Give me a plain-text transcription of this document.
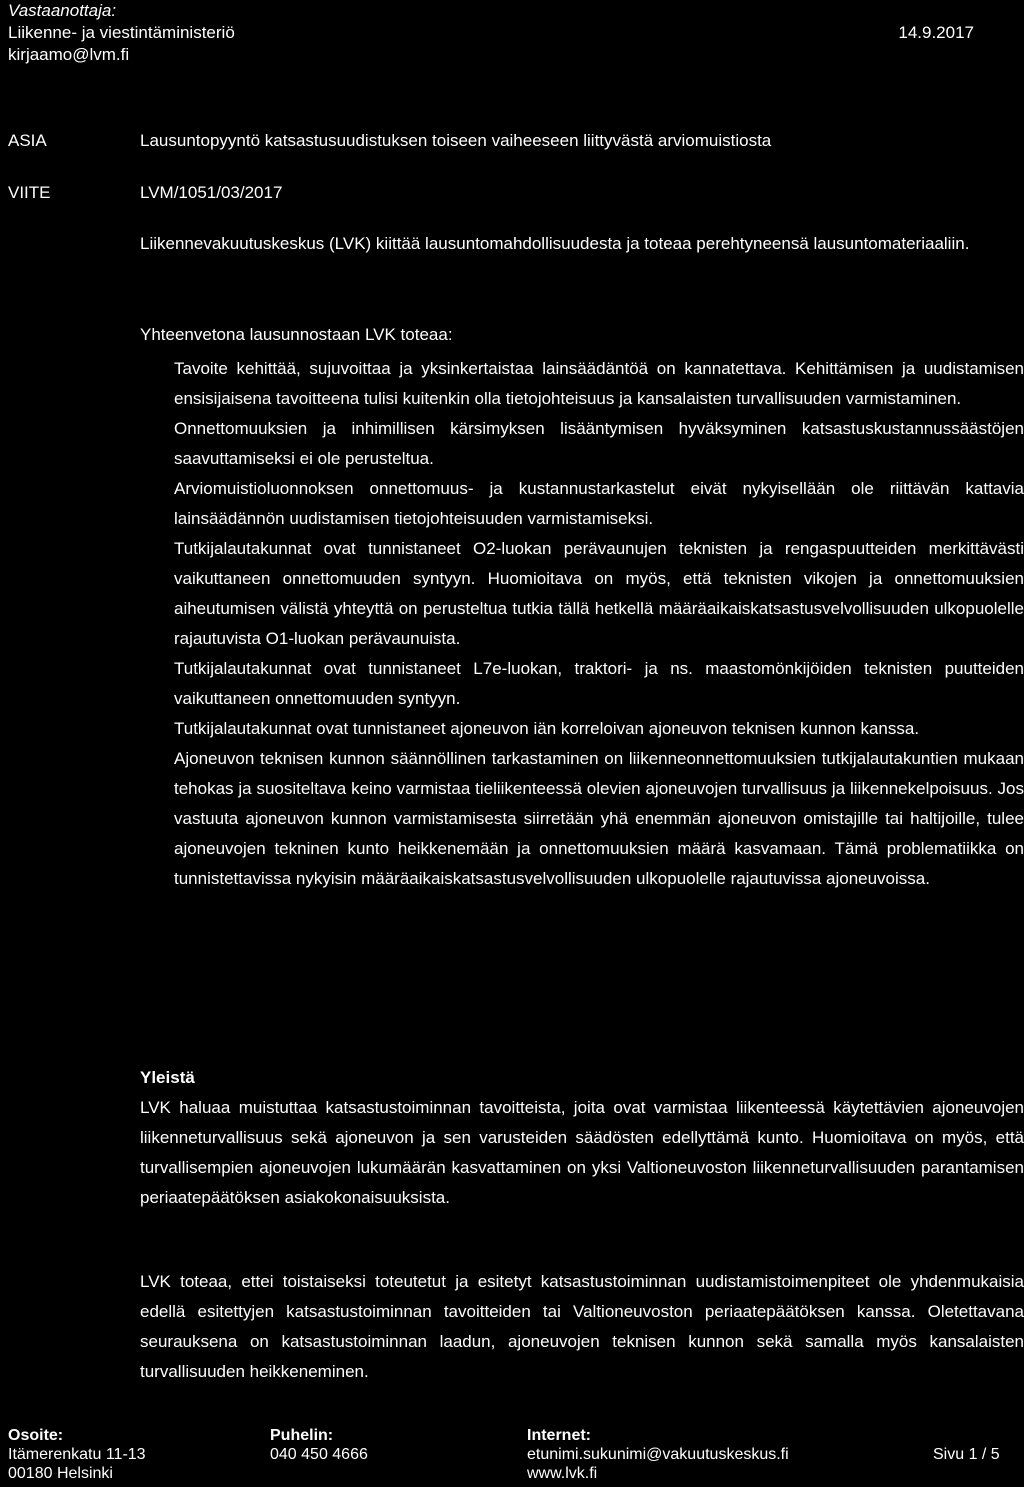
Vastaanottaja:
Liikenne- ja viestintäministeriö
kirjaamo@lvm.fi
14.9.2017
ASIA	Lausuntopyyntö katsastusuudistuksen toiseen vaiheeseen liittyvästä arviomuistiosta
VIITE	LVM/1051/03/2017
Liikennevakuutuskeskus (LVK) kiittää lausuntomahdollisuudesta ja toteaa perehtyneensä lausuntomateriaaliin.
Yhteenvetona lausunnostaan LVK toteaa:

Tavoite kehittää, sujuvoittaa ja yksinkertaistaa lainsäädäntöä on kannatettava. Kehittämisen ja uudistamisen ensisijaisena tavoitteena tulisi kuitenkin olla tietojohteisuus ja kansalaisten turvallisuuden varmistaminen.

Onnettomuuksien ja inhimillisen kärsimyksen lisääntymisen hyväksyminen katsastuskustannussäästöjen saavuttamiseksi ei ole perusteltua.

Arviomuistioluonnoksen onnettomuus- ja kustannustarkastelut eivät nykyisellään ole riittävän kattavia lainsäädännön uudistamisen tietojohteisuuden varmistamiseksi.

Tutkijalautakunnat ovat tunnistaneet O2-luokan perävaunujen teknisten ja rengaspuutteiden merkittävästi vaikuttaneen onnettomuuden syntyyn. Huomioitava on myös, että teknisten vikojen ja onnettomuuksien aiheutumisen välistä yhteyttä on perusteltua tutkia tällä hetkellä määräaikaiskatsastusvelvollisuuden ulkopuolelle rajautuvista O1-luokan perävaunuista.

Tutkijalautakunnat ovat tunnistaneet L7e-luokan, traktori- ja ns. maastomönkijöiden teknisten puutteiden vaikuttaneen onnettomuuden syntyyn.

Tutkijalautakunnat ovat tunnistaneet ajoneuvon iän korreloivan ajoneuvon teknisen kunnon kanssa.

Ajoneuvon teknisen kunnon säännöllinen tarkastaminen on liikenneonnettomuuksien tutkijalautakuntien mukaan tehokas ja suositeltava keino varmistaa tieliikenteessä olevien ajoneuvojen turvallisuus ja liikennekelpoisuus. Jos vastuuta ajoneuvon kunnon varmistamisesta siirretään yhä enemmän ajoneuvon omistajille tai haltijoille, tulee ajoneuvojen tekninen kunto heikkenemään ja onnettomuuksien määrä kasvamaan. Tämä problematiikka on tunnistettavissa nykyisin määräaikaiskatsastusvelvollisuuden ulkopuolelle rajautuvissa ajoneuvoissa.

Yleistä

LVK haluaa muistuttaa katsastustoiminnan tavoitteista, joita ovat varmistaa liikenteessä käytettävien ajoneuvojen liikenneturvallisuus sekä ajoneuvon ja sen varusteiden säädösten edellyttämä kunto. Huomioitava on myös, että turvallisempien ajoneuvojen lukumäärän kasvattaminen on yksi Valtioneuvoston liikenneturvallisuuden parantamisen periaatepäätöksen asiakokonaisuuksista.

LVK toteaa, ettei toistaiseksi toteutetut ja esitetyt katsastustoiminnan uudistamistoimenpiteet ole yhdenmukaisia edellä esitettyjen katsastustoiminnan tavoitteiden tai Valtioneuvoston periaatepäätöksen kanssa. Oletettavana seurauksena on katsastustoiminnan laadun, ajoneuvojen teknisen kunnon sekä samalla myös kansalaisten turvallisuuden heikkeneminen.

Osoite:
Itämerenkatu 11-13
00180 Helsinki
Puhelin:
040 450 4666
Internet:
etunimi.sukunimi@vakuutuskeskus.fi
www.lvk.fi
Sivu 1 / 5
